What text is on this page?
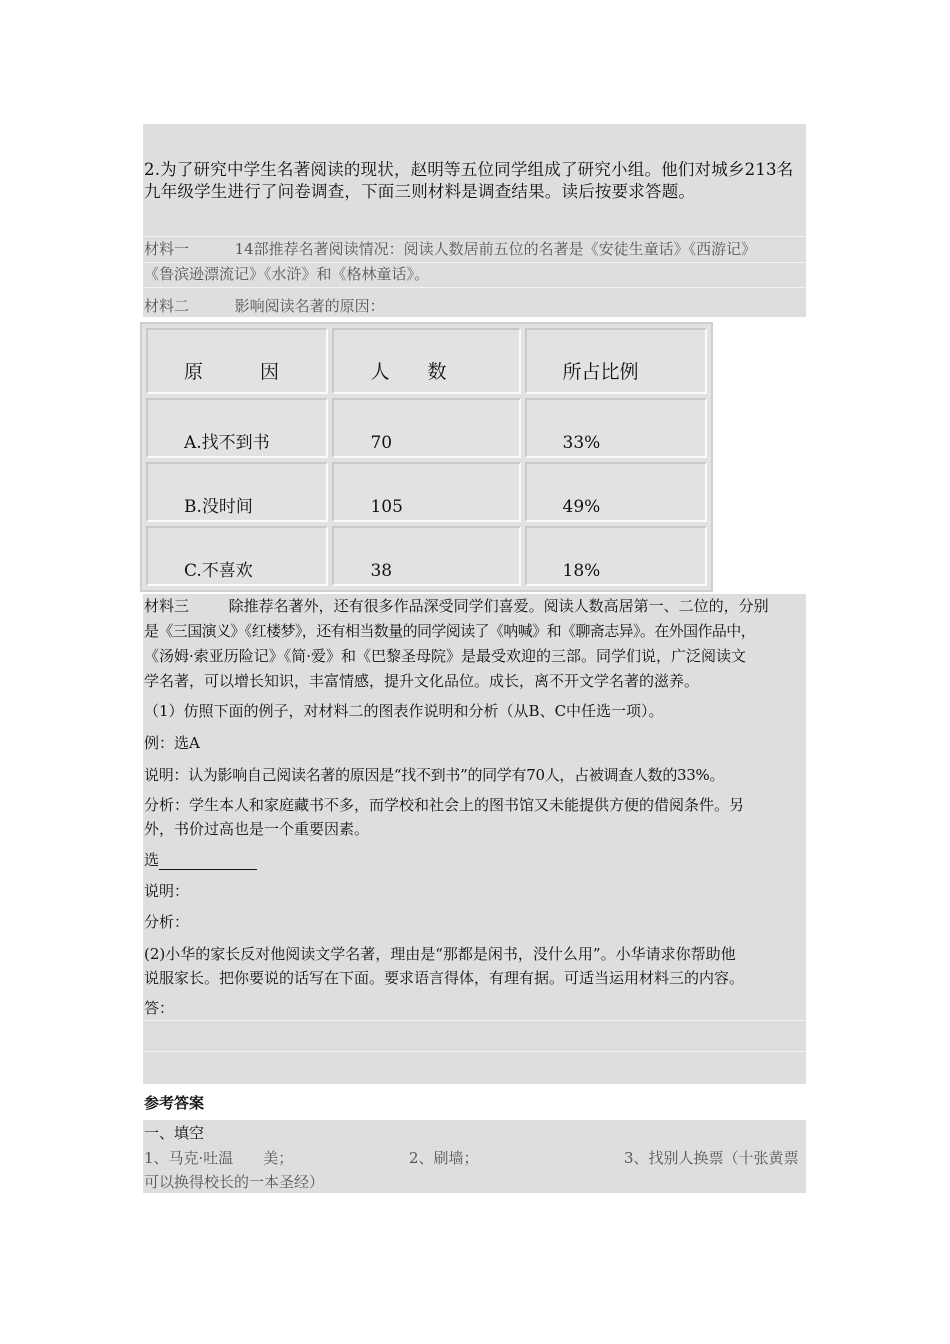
2.为了研究中学生名著阅读的现状，赵明等五位同学组成了研究小组。他们对城乡213名九年级学生进行了问卷调查，下面三则材料是调查结果。读后按要求答题。
材料一	14部推荐名著阅读情况：阅读人数居前五位的名著是《安徒生童话》《西游记》
《鲁滨逊漂流记》《水浒》和《格林童话》。
材料二	影响阅读名著的原因：
原　　　因	人　　数	所占比例
A.找不到书	70	33%
B.没时间	105	49%
C.不喜欢	38	18%
材料三	除推荐名著外，还有很多作品深受同学们喜爱。阅读人数高居第一、二位的，分别
是《三国演义》《红楼梦》，还有相当数量的同学阅读了《呐喊》和《聊斋志异》。在外国作品中，
《汤姆·索亚历险记》《简·爱》和《巴黎圣母院》是最受欢迎的三部。同学们说，广泛阅读文
学名著，可以增长知识，丰富情感，提升文化品位。成长，离不开文学名著的滋养。
（1）仿照下面的例子，对材料二的图表作说明和分析（从B、C中任选一项）。
例：选A
说明：认为影响自己阅读名著的原因是“找不到书”的同学有70人，占被调查人数的33%。
分析：学生本人和家庭藏书不多，而学校和社会上的图书馆又未能提供方便的借阅条件。另
外，书价过高也是一个重要因素。
选
说明：
分析：
(2)小华的家长反对他阅读文学名著，理由是“那都是闲书，没什么用”。小华请求你帮助他
说服家长。把你要说的话写在下面。要求语言得体，有理有据。可适当运用材料三的内容。
答：
参考答案
一、填空
1、马克·吐温　　美；	2、刷墙；	3、找别人换票（十张黄票
可以换得校长的一本圣经）
